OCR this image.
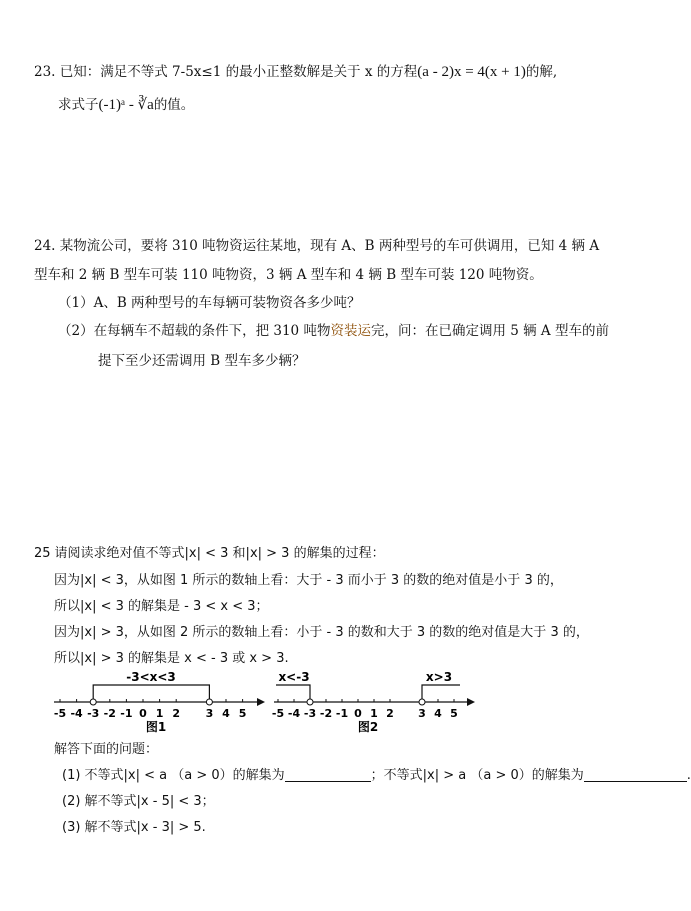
23. 已知：满足不等式 7-5x≤1 的最小正整数解是关于 x 的方程(a - 2)x = 4(x + 1)的解,
求式子(-1)ᵃ - ∛a的值。
24. 某物流公司，要将 310 吨物资运往某地，现有 A、B 两种型号的车可供调用，已知 4 辆 A
型车和 2 辆 B 型车可装 110 吨物资，3 辆 A 型车和 4 辆 B 型车可装 120 吨物资。
（1）A、B 两种型号的车每辆可装物资各多少吨？
（2）在每辆车不超载的条件下，把 310 吨物资装运完，问：在已确定调用 5 辆 A 型车的前
提下至少还需调用 B 型车多少辆？
25 请阅读求绝对值不等式|x| < 3 和|x| > 3 的解集的过程：
因为|x| < 3，从如图 1 所示的数轴上看：大于 - 3 而小于 3 的数的绝对值是小于 3 的，
所以|x| < 3 的解集是 - 3 < x < 3；
因为|x| > 3，从如图 2 所示的数轴上看：小于 - 3 的数和大于 3 的数的绝对值是大于 3 的，
所以|x| > 3 的解集是 x < - 3 或 x > 3.
-3<x<3
-5 -4 -3 -2 -1 0 1 2 3 4 5
图1
x<-3	x>3
-5 -4 -3 -2 -1 0 1 2 3 4 5
图2
解答下面的问题：
(1) 不等式|x| < a （a > 0）的解集为	；不等式|x| > a （a > 0）的解集为	.
(2) 解不等式|x - 5| < 3；
(3) 解不等式|x - 3| > 5.
